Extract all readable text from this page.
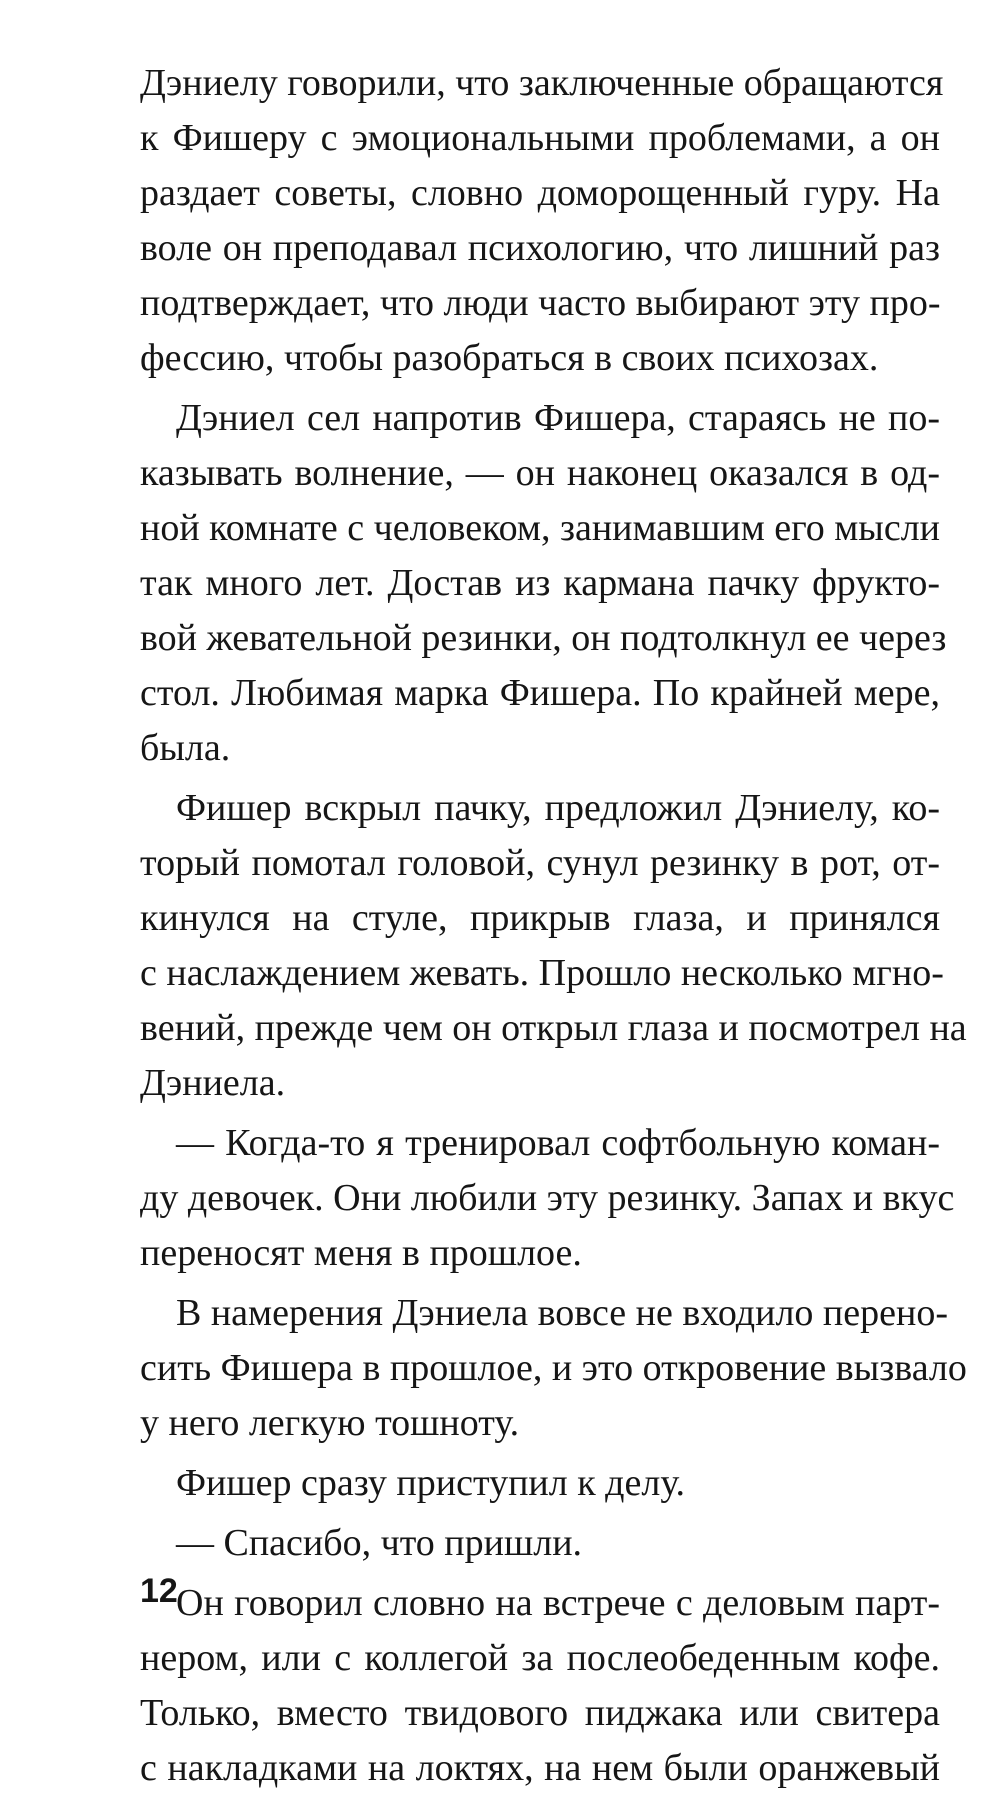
Дэниелу говорили, что заключенные обращаются
к Фишеру с эмоциональными проблемами, а он
раздает советы, словно доморощенный гуру. На
воле он преподавал психологию, что лишний раз
подтверждает, что люди часто выбирают эту про-
фессию, чтобы разобраться в своих психозах.
Дэниел сел напротив Фишера, стараясь не по-
казывать волнение, — он наконец оказался в од-
ной комнате с человеком, занимавшим его мысли
так много лет. Достав из кармана пачку фрукто-
вой жевательной резинки, он подтолкнул ее через
стол. Любимая марка Фишера. По крайней мере,
была.
Фишер вскрыл пачку, предложил Дэниелу, ко-
торый помотал головой, сунул резинку в рот, от-
кинулся на стуле, прикрыв глаза, и принялся
с наслаждением жевать. Прошло несколько мгно-
вений, прежде чем он открыл глаза и посмотрел на
Дэниела.
— Когда-то я тренировал софтбольную коман-
ду девочек. Они любили эту резинку. Запах и вкус
переносят меня в прошлое.
В намерения Дэниела вовсе не входило перено-
сить Фишера в прошлое, и это откровение вызвало
у него легкую тошноту.
Фишер сразу приступил к делу.
— Спасибо, что пришли.
Он говорил словно на встрече с деловым парт-
нером, или с коллегой за послеобеденным кофе.
Только, вместо твидового пиджака или свитера
с накладками на локтях, на нем были оранжевый
12
